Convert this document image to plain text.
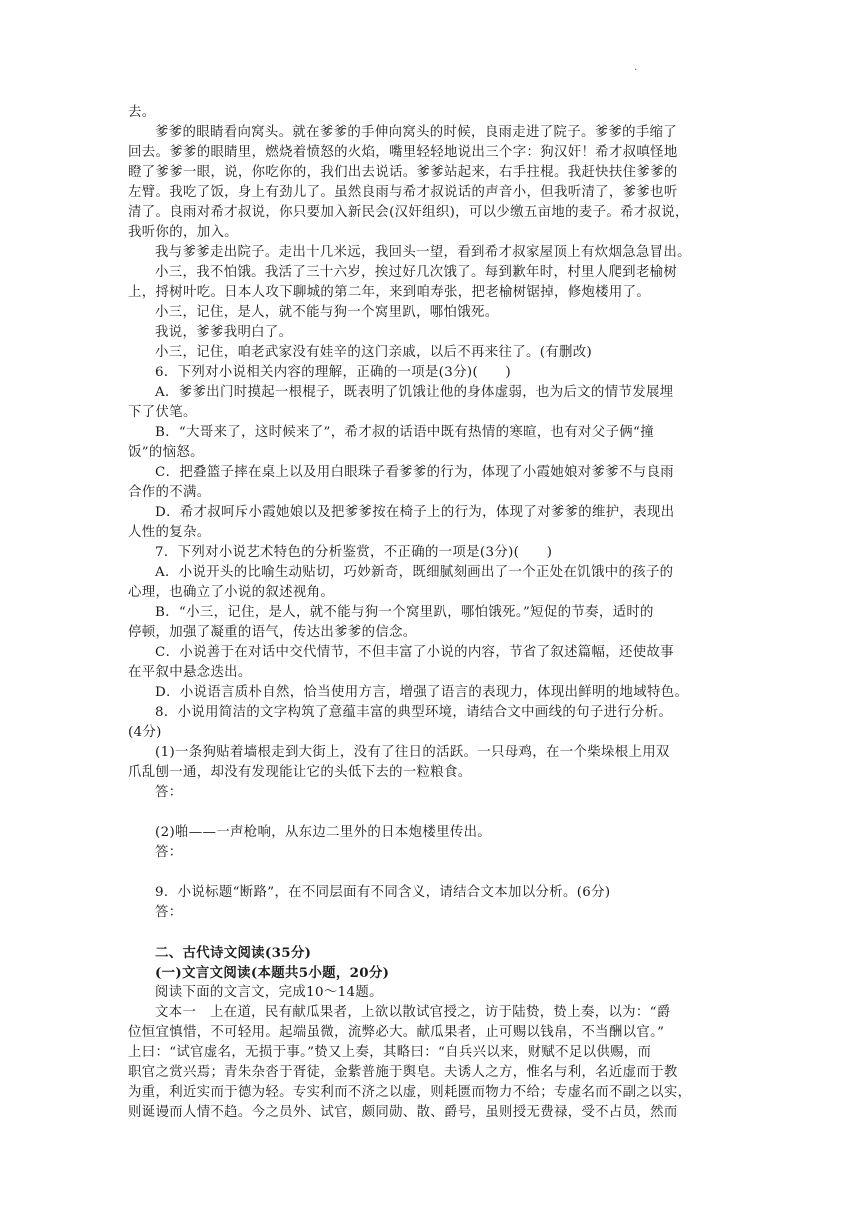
.
去。
爹爹的眼睛看向窝头。就在爹爹的手伸向窝头的时候，良雨走进了院子。爹爹的手缩了
回去。爹爹的眼睛里，燃烧着愤怒的火焰，嘴里轻轻地说出三个字：狗汉奸！希才叔嗔怪地
瞪了爹爹一眼，说，你吃你的，我们出去说话。爹爹站起来，右手拄棍。我赶快扶住爹爹的
左臂。我吃了饭，身上有劲儿了。虽然良雨与希才叔说话的声音小，但我听清了，爹爹也听
清了。良雨对希才叔说，你只要加入新民会(汉奸组织)，可以少缴五亩地的麦子。希才叔说，
我听你的，加入。
我与爹爹走出院子。走出十几米远，我回头一望，看到希才叔家屋顶上有炊烟急急冒出。
小三，我不怕饿。我活了三十六岁，挨过好几次饿了。每到歉年时，村里人爬到老榆树
上，捋树叶吃。日本人攻下聊城的第二年，来到咱寿张，把老榆树锯掉，修炮楼用了。
小三，记住，是人，就不能与狗一个窝里趴，哪怕饿死。
我说，爹爹我明白了。
小三，记住，咱老武家没有娃辛的这门亲戚，以后不再来往了。(有删改)
6．下列对小说相关内容的理解，正确的一项是(3分)(　　)
A．爹爹出门时摸起一根棍子，既表明了饥饿让他的身体虚弱，也为后文的情节发展埋
下了伏笔。
B．“大哥来了，这时候来了”，希才叔的话语中既有热情的寒暄，也有对父子俩“撞
饭”的恼怒。
C．把叠篮子摔在桌上以及用白眼珠子看爹爹的行为，体现了小霞她娘对爹爹不与良雨
合作的不满。
D．希才叔呵斥小霞她娘以及把爹爹按在椅子上的行为，体现了对爹爹的维护，表现出
人性的复杂。
7．下列对小说艺术特色的分析鉴赏，不正确的一项是(3分)(　　)
A．小说开头的比喻生动贴切，巧妙新奇，既细腻刻画出了一个正处在饥饿中的孩子的
心理，也确立了小说的叙述视角。
B．“小三，记住，是人，就不能与狗一个窝里趴，哪怕饿死。”短促的节奏，适时的
停顿，加强了凝重的语气，传达出爹爹的信念。
C．小说善于在对话中交代情节，不但丰富了小说的内容，节省了叙述篇幅，还使故事
在平叙中悬念迭出。
D．小说语言质朴自然，恰当使用方言，增强了语言的表现力，体现出鲜明的地域特色。
8．小说用简洁的文字构筑了意蕴丰富的典型环境，请结合文中画线的句子进行分析。
(4分)
(1)一条狗贴着墙根走到大街上，没有了往日的活跃。一只母鸡，在一个柴垛根上用双
爪乱刨一通，却没有发现能让它的头低下去的一粒粮食。
答：
(2)啪——一声枪响，从东边二里外的日本炮楼里传出。
答：
9．小说标题“断路”，在不同层面有不同含义，请结合文本加以分析。(6分)
答：
二、古代诗文阅读(35分)
(一)文言文阅读(本题共5小题，20分)
阅读下面的文言文，完成10～14题。
文本一　上在道，民有献瓜果者，上欲以散试官授之，访于陆贽，贽上奏，以为：“爵
位恒宜慎惜，不可轻用。起端虽微，流弊必大。献瓜果者，止可赐以钱帛，不当酬以官。”
上曰：“试官虚名，无损于事。”贽又上奏，其略曰：“自兵兴以来，财赋不足以供赐，而
职官之赏兴焉；青朱杂沓于胥徒，金紫普施于舆皂。夫诱人之方，惟名与利，名近虚而于教
为重，利近实而于德为轻。专实利而不济之以虚，则耗匮而物力不给；专虚名而不副之以实，
则诞谩而人情不趋。今之员外、试官，颇同勋、散、爵号，虽则授无费禄，受不占员，然而
